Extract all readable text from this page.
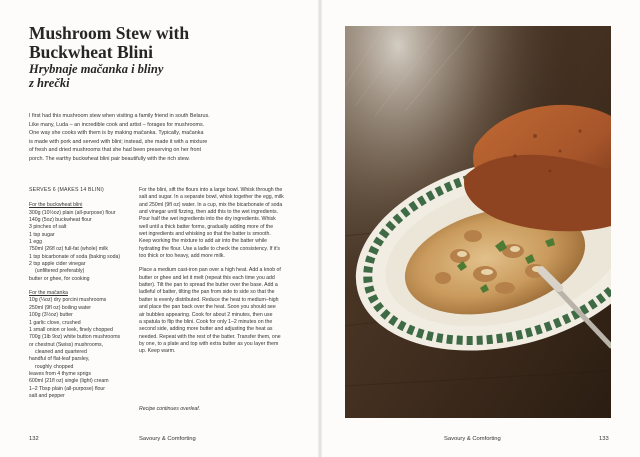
Mushroom Stew with
Buckwheat Blini
Hrybnaje mačanka i bliny
z hrečki
I first had this mushroom stew when visiting a family friend in south Belarus.
Like many, Luda – an incredible cook and artist – forages for mushrooms.
One way she cooks with them is by making mačanka. Typically, mačanka
is made with pork and served with blini; instead, she made it with a mixture
of fresh and dried mushrooms that she had been preserving on her front
porch. The earthy buckwheat blini pair beautifully with the rich stew.
SERVES 6 (MAKES 14 BLINI)
For the buckwheat blini
300g (10½oz) plain (all-purpose) flour
140g (5oz) buckwheat flour
3 pinches of salt
1 tsp sugar
1 egg
750ml (26fl oz) full-fat (whole) milk
1 tsp bicarbonate of soda (baking soda)
2 tsp apple cider vinegar
(unfiltered preferably)
butter or ghee, for cooking
For the mačanka
10g (¼oz) dry porcini mushrooms
250ml (9fl oz) boiling water
100g (3½oz) butter
1 garlic clove, crushed
1 small onion or leek, finely chopped
700g (1lb 9oz) white button mushrooms
or chestnut (Swiss) mushrooms,
cleaned and quartered
handful of flat-leaf parsley,
roughly chopped
leaves from 4 thyme sprigs
600ml (21fl oz) single (light) cream
1–2 Tbsp plain (all-purpose) flour
salt and pepper

For the blini, sift the flours into a large bowl. Whisk through the
salt and sugar. In a separate bowl, whisk together the egg, milk
and 250ml (9fl oz) water. In a cup, mix the bicarbonate of soda
and vinegar until fizzing, then add this to the wet ingredients.
Pour half the wet ingredients into the dry ingredients. Whisk
well until a thick batter forms, gradually adding more of the
wet ingredients and whisking so that the batter is smooth.
Keep working the mixture to add air into the batter while
hydrating the flour. Use a ladle to check the consistency. If it's
too thick or too heavy, add more milk.

Place a medium cast-iron pan over a high heat. Add a knob of
butter or ghee and let it melt (repeat this each time you add
batter). Tilt the pan to spread the butter over the base. Add a
ladleful of batter, tilting the pan from side to side so that the
batter is evenly distributed. Reduce the heat to medium–high
and place the pan back over the heat. Soon you should see
air bubbles appearing. Cook for about 2 minutes, then use
a spatula to flip the blini. Cook for only 1–2 minutes on the
second side, adding more butter and adjusting the heat as
needed. Repeat with the rest of the batter. Transfer them, one
by one, to a plate and top with extra butter as you layer them
up. Keep warm.

Recipe continues overleaf.
132	Savoury & Comforting	Savoury & Comforting	133
